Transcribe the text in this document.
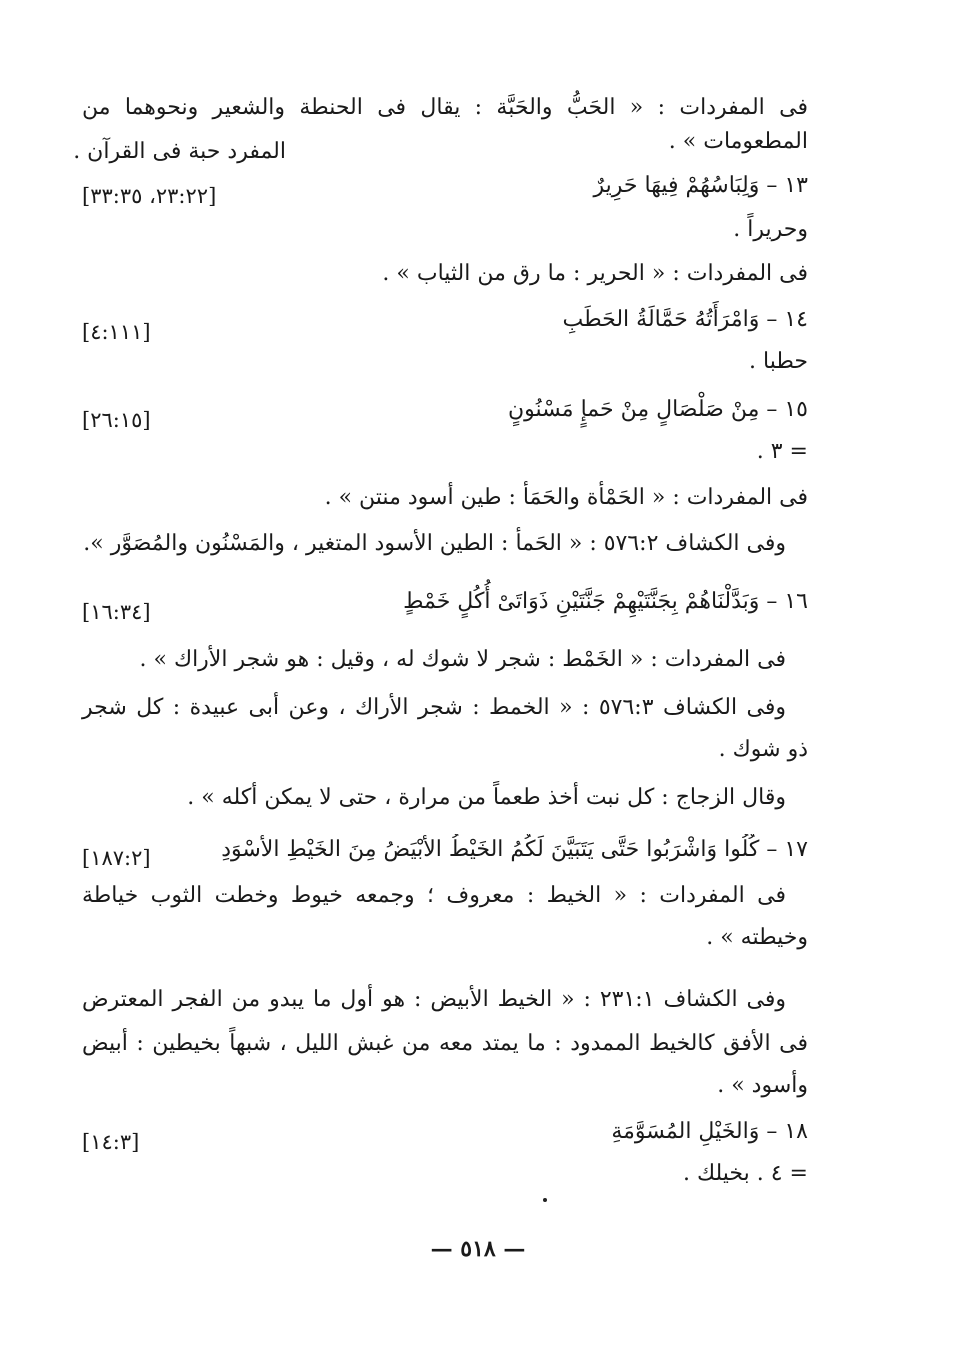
فى المفردات : « الحَبُّ والحَبَّة : يقال فى الحنطة والشعير ونحوهما من
المطعومات » .
المفرد حبة فى القرآن .
١٣ – وَلِبَاسُهُمْ فِيهَا حَرِيرٌ
[٢٣:٢٢، ٣٣:٣٥]
وحريراً .
فى المفردات : « الحرير : ما رق من الثياب » .
١٤ – وَامْرَأَتُهُ حَمَّالَةُ الحَطَبِ
[٤:١١١]
حطبا .
١٥ – مِنْ صَلْصَالٍ مِنْ حَمإٍ مَسْنُونٍ
[٢٦:١٥]
= ٣ .
فى المفردات : « الحَمْأة والحَمَأ : طين أسود منتن » .
وفى الكشاف ٥٧٦:٢ : « الحَمأ : الطين الأسود المتغير ، والمَسْنُون والمُصَوَّر ».
١٦ – وَبَدَّلْنَاهُمْ بِجَنَّتَيْهِمْ جَنَّتَيْنِ ذَوَاتَىْ أُكُلٍ خَمْطٍ
[١٦:٣٤]
فى المفردات : « الخَمْط : شجر لا شوك له ، وقيل : هو شجر الأراك » .
وفى الكشاف ٥٧٦:٣ : « الخمط : شجر الأراك ، وعن أبى عبيدة : كل شجر
ذو شوك .
وقال الزجاج : كل نبت أخذ طعماً من مرارة ، حتى لا يمكن أكله » .
١٧ – كُلُوا وَاشْرَبُوا حَتَّى يَتَبَيَّنَ لَكُمُ الخَيْطُ الأَبْيَضُ مِنَ الخَيْطِ الأَسْوَدِ
[١٨٧:٢]
فى المفردات : « الخيط : معروف ؛ وجمعه خيوط وخطت الثوب خياطة
وخيطته » .
وفى الكشاف ٢٣١:١ : « الخيط الأبيض : هو أول ما يبدو من الفجر المعترض
فى الأفق كالخيط الممدود : ما يمتد معه من غبش الليل ، شبهاً بخيطين : أبيض
وأسود » .
١٨ – وَالخَيْلِ المُسَوَّمَةِ
[١٤:٣]
= ٤ . بخيلك .
— ٥١٨ —
